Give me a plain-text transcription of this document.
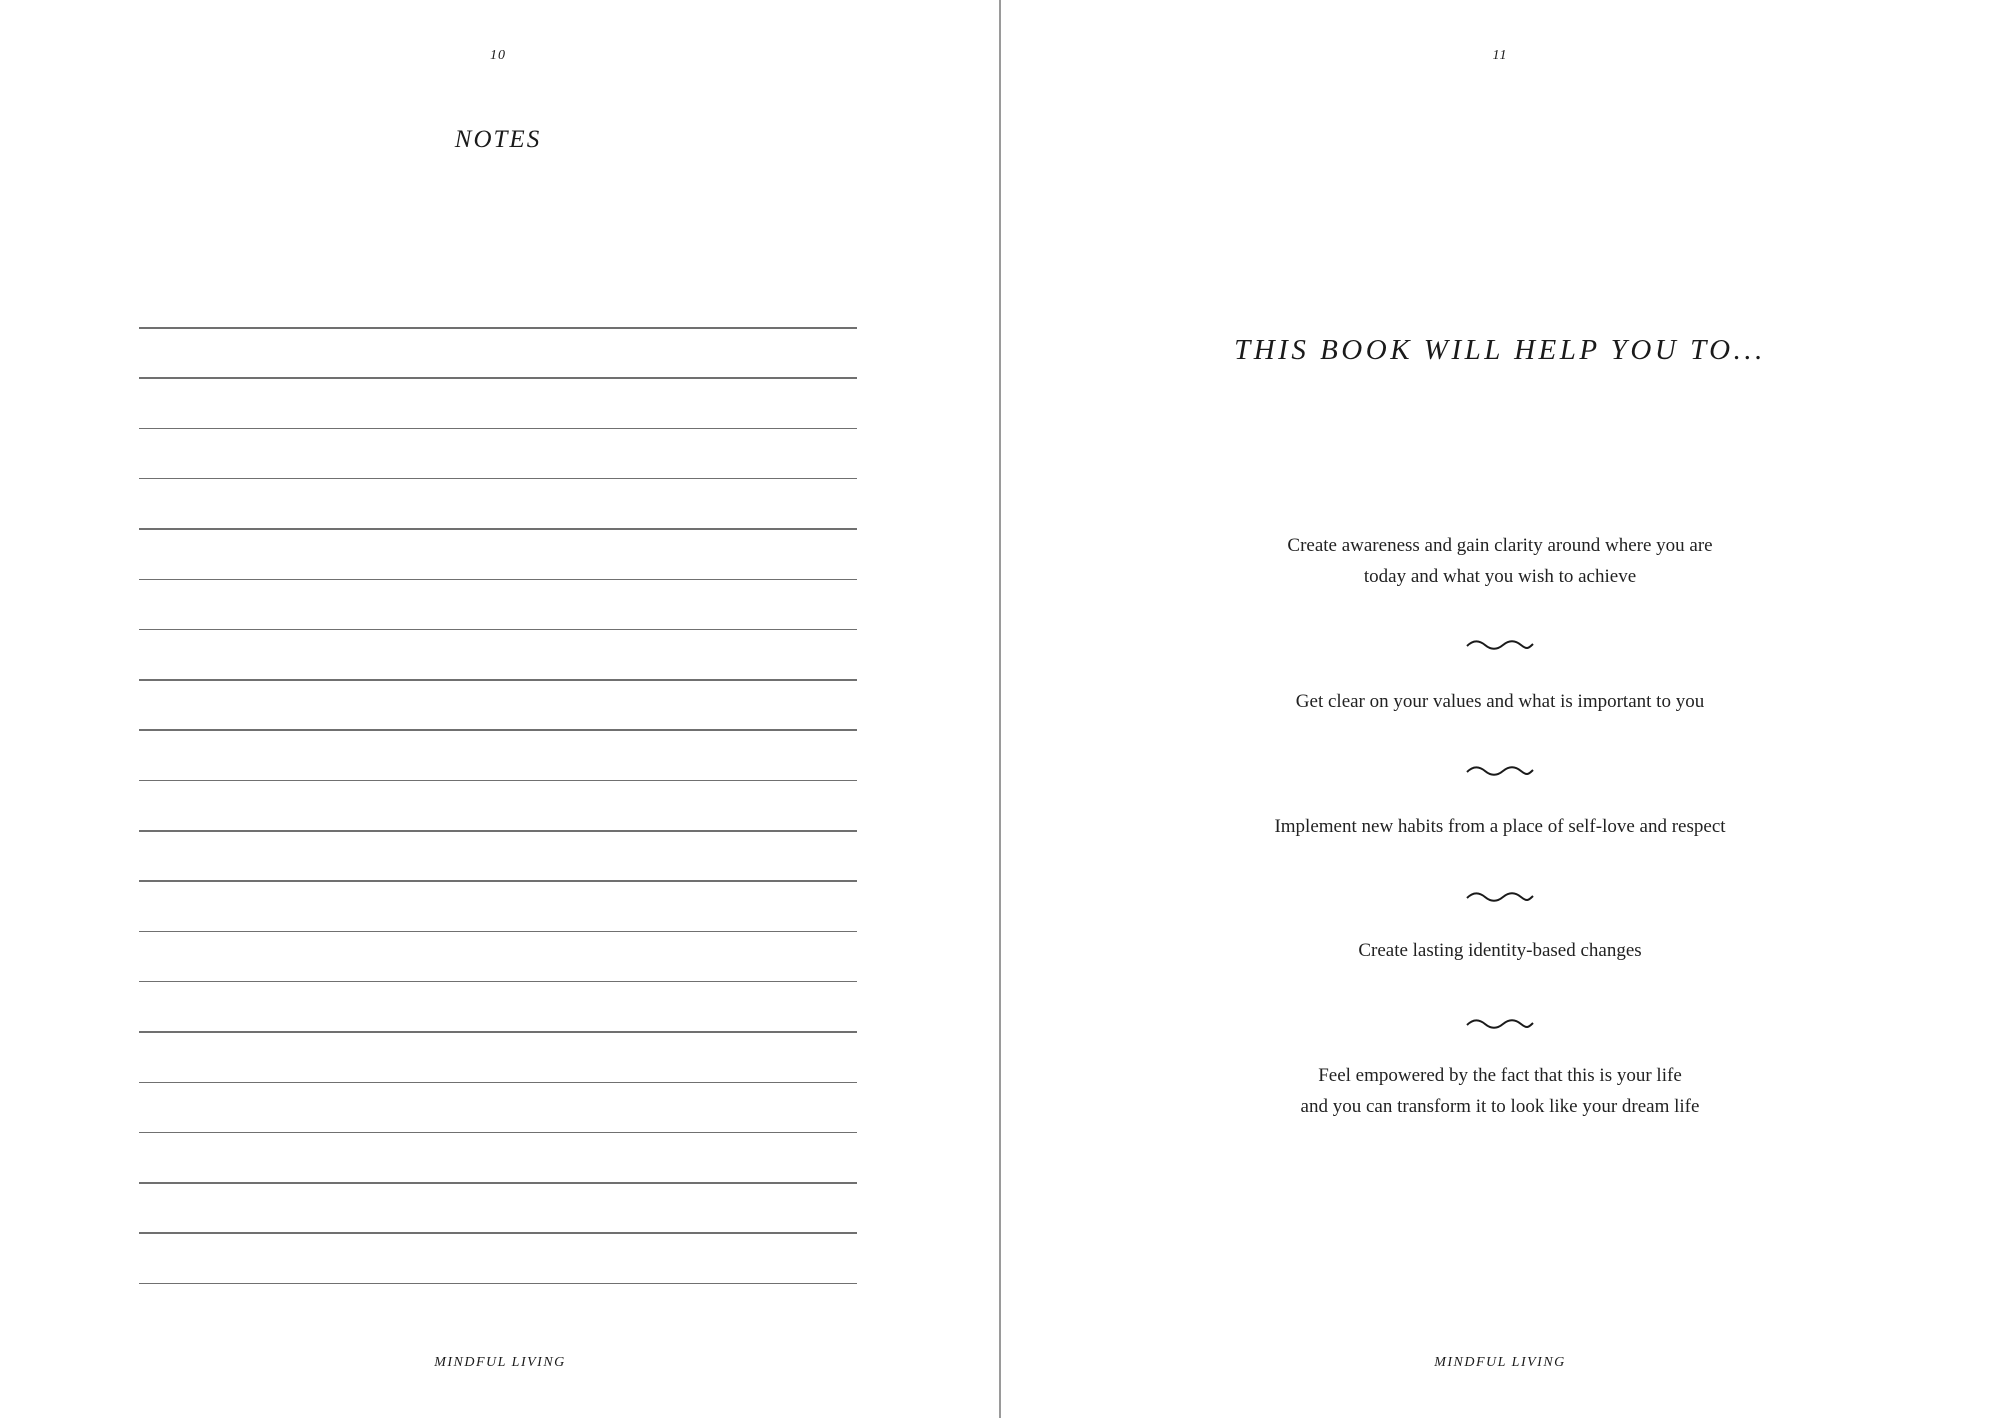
10
NOTES
MINDFUL LIVING
11
THIS BOOK WILL HELP YOU TO...
Create awareness and gain clarity around where you are
today and what you wish to achieve
Get clear on your values and what is important to you
Implement new habits from a place of self-love and respect
Create lasting identity-based changes
Feel empowered by the fact that this is your life
and you can transform it to look like your dream life
MINDFUL LIVING
